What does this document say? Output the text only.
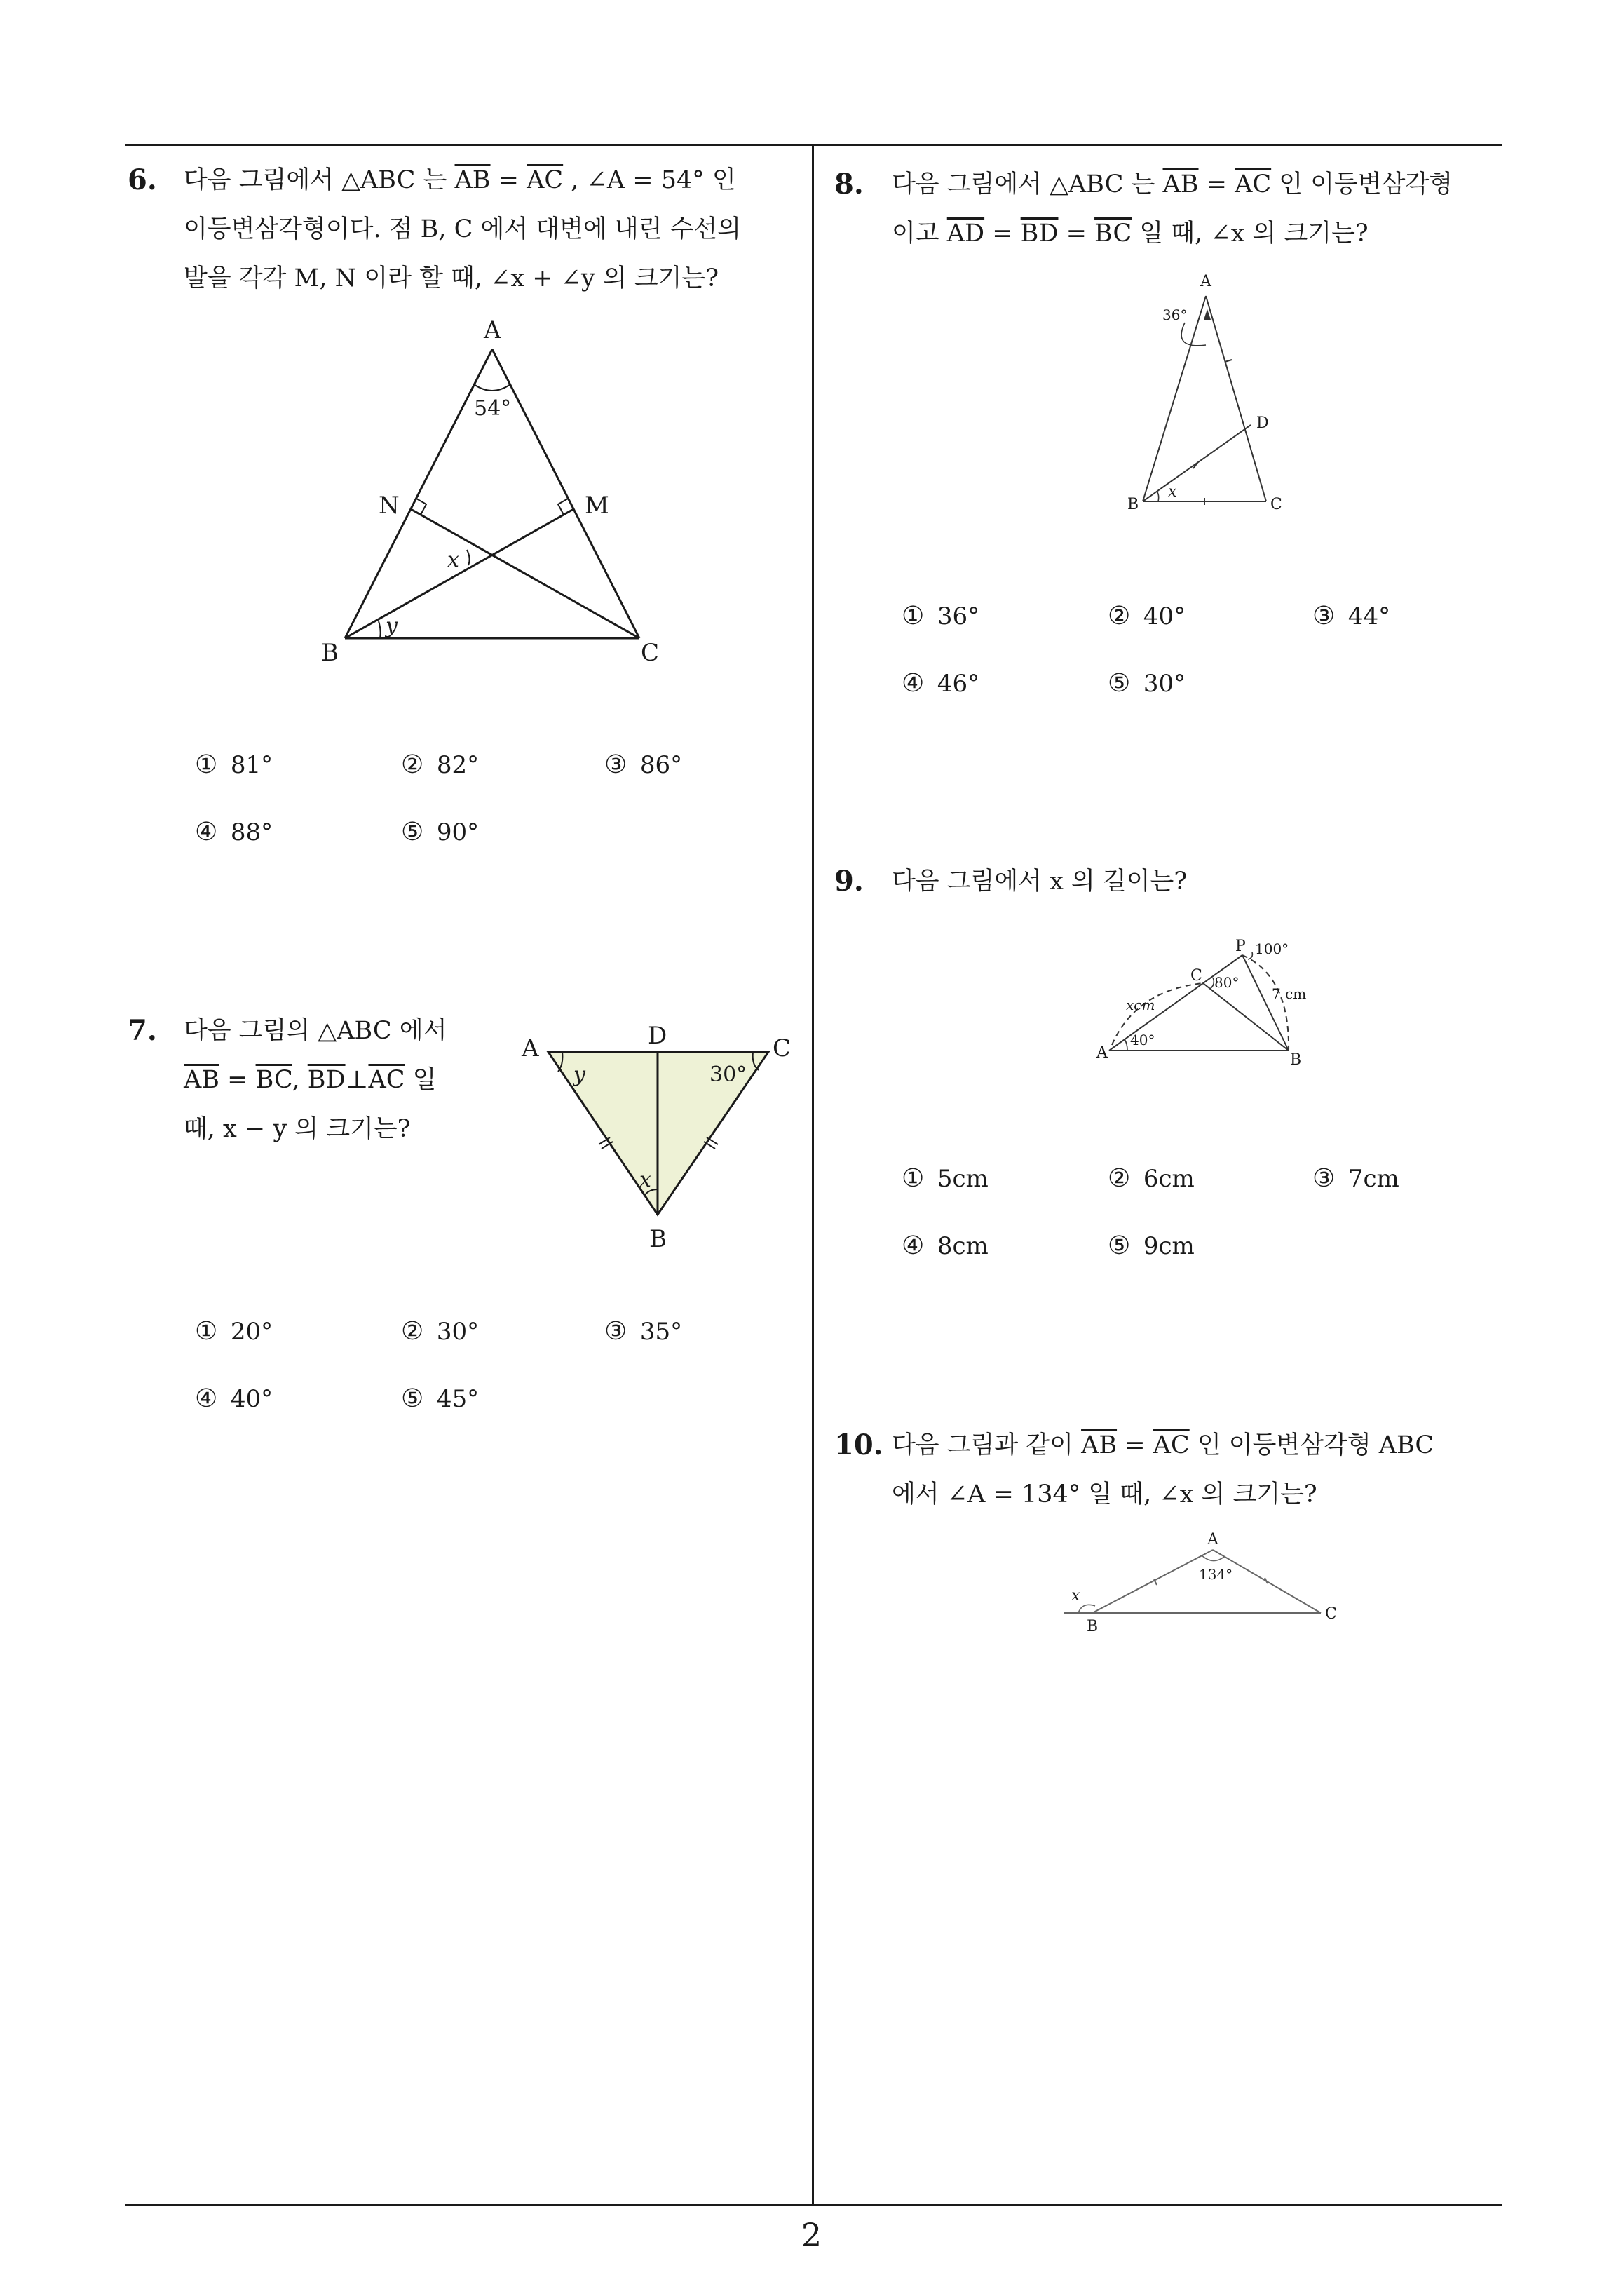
6. 다음 그림에서 △ABC 는 $\overline{AB} = \overline{AC}$ , ∠A = 54° 인
이등변삼각형이다. 점 B, C 에서 대변에 내린 수선의
발을 각각 M, N 이라 할 때, ∠x + ∠y 의 크기는?
A
B	C
N	M
54°
x
y
① 81°	② 82°	③ 86°
④ 88°	⑤ 90°
7. 다음 그림의 △ABC 에서
$\overline{AB} = \overline{BC}$, $\overline{BD}\perp\overline{AC}$ 일
때, x − y 의 크기는?
A	C
D
B
30°
y
x
① 20°	② 30°	③ 35°
④ 40°	⑤ 45°
8. 다음 그림에서 △ABC 는 $\overline{AB} = \overline{AC}$ 인 이등변삼각형
이고 $\overline{AD} = \overline{BD} = \overline{BC}$ 일 때, ∠x 의 크기는?
A
B	C
D
36°
x
① 36°	② 40°	③ 44°
④ 46°	⑤ 30°
9. 다음 그림에서 x 의 길이는?
A	B
C
P 100°
80°
40°
7 cm
xcm
① 5cm	② 6cm	③ 7cm
④ 8cm	⑤ 9cm
10. 다음 그림과 같이 $\overline{AB} = \overline{AC}$ 인 이등변삼각형 ABC
에서 ∠A = 134° 일 때, ∠x 의 크기는?
A
B
C
134°
x
2
